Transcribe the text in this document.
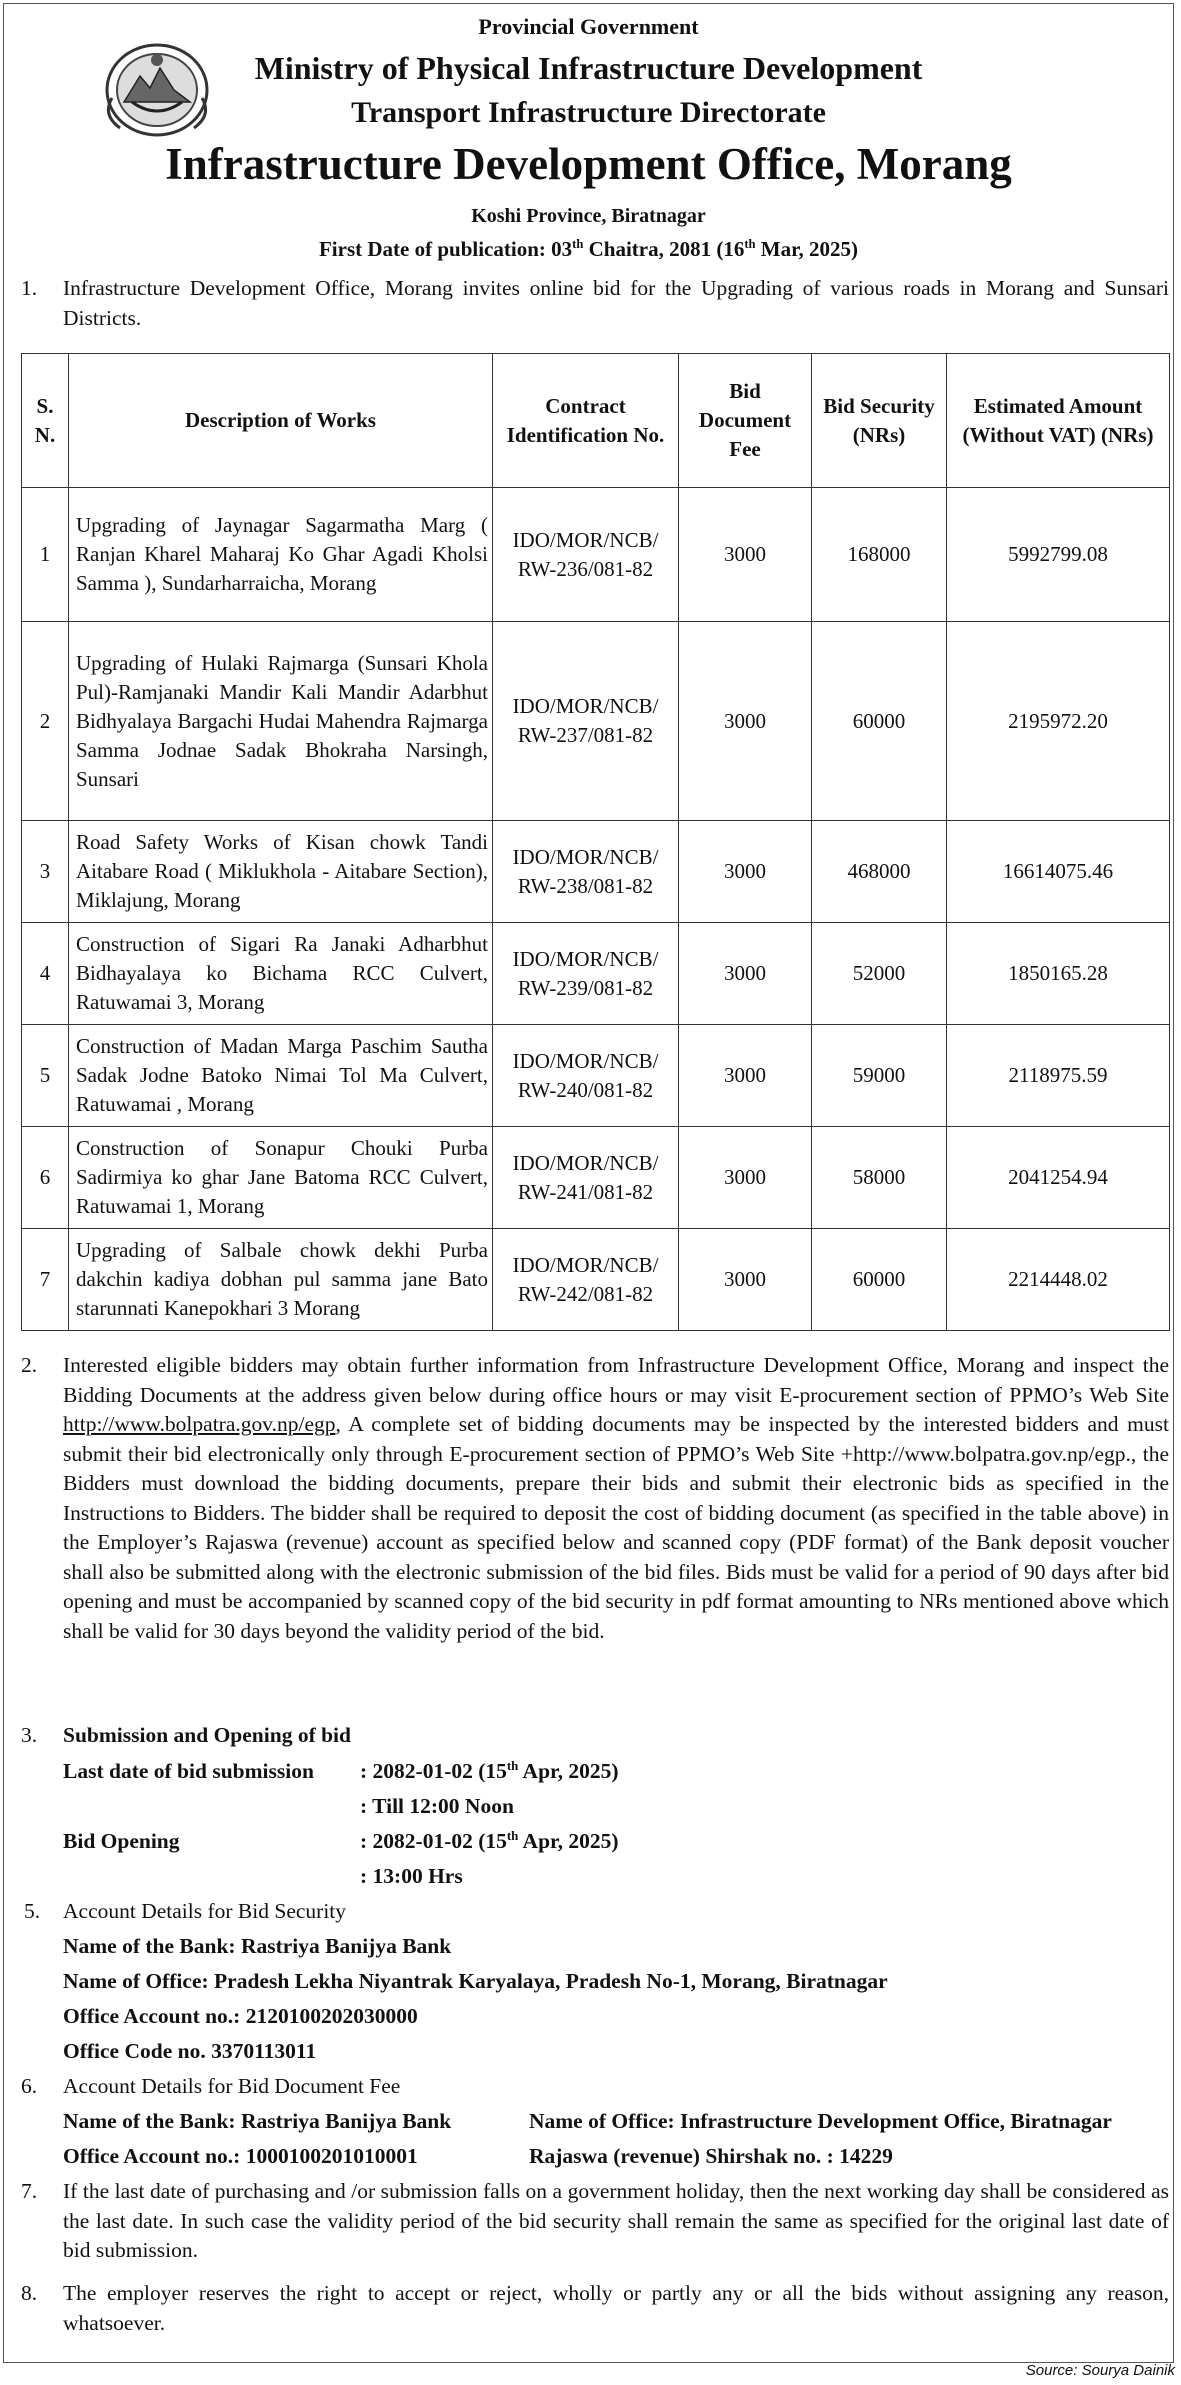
Provincial Government
Ministry of Physical Infrastructure Development
Transport Infrastructure Directorate
Infrastructure Development Office, Morang
Koshi Province, Biratnagar
First Date of publication: 03th Chaitra, 2081 (16th Mar, 2025)
1. Infrastructure Development Office, Morang invites online bid for the Upgrading of various roads in Morang and Sunsari Districts.

S. N.	Description of Works	Contract Identification No.	Bid Document Fee	Bid Security (NRs)	Estimated Amount (Without VAT) (NRs)
1	Upgrading of Jaynagar Sagarmatha Marg ( Ranjan Kharel Maharaj Ko Ghar Agadi Kholsi Samma ), Sundarharraicha, Morang	IDO/MOR/NCB/ RW-236/081-82	3000	168000	5992799.08
2	Upgrading of Hulaki Rajmarga (Sunsari Khola Pul)-Ramjanaki Mandir Kali Mandir Adarbhut Bidhyalaya Bargachi Hudai Mahendra Rajmarga Samma Jodnae Sadak Bhokraha Narsingh, Sunsari	IDO/MOR/NCB/ RW-237/081-82	3000	60000	2195972.20
3	Road Safety Works of Kisan chowk Tandi Aitabare Road ( Miklukhola - Aitabare Section), Miklajung, Morang	IDO/MOR/NCB/ RW-238/081-82	3000	468000	16614075.46
4	Construction of Sigari Ra Janaki Adharbhut Bidhayalaya ko Bichama RCC Culvert, Ratuwamai 3, Morang	IDO/MOR/NCB/ RW-239/081-82	3000	52000	1850165.28
5	Construction of Madan Marga Paschim Sautha Sadak Jodne Batoko Nimai Tol Ma Culvert, Ratuwamai , Morang	IDO/MOR/NCB/ RW-240/081-82	3000	59000	2118975.59
6	Construction of Sonapur Chouki Purba Sadirmiya ko ghar Jane Batoma RCC Culvert, Ratuwamai 1, Morang	IDO/MOR/NCB/ RW-241/081-82	3000	58000	2041254.94
7	Upgrading of Salbale chowk dekhi Purba dakchin kadiya dobhan pul samma jane Bato starunnati Kanepokhari 3 Morang	IDO/MOR/NCB/ RW-242/081-82	3000	60000	2214448.02
2. Interested eligible bidders may obtain further information from Infrastructure Development Office, Morang and inspect the Bidding Documents at the address given below during office hours or may visit E-procurement section of PPMO’s Web Site http://www.bolpatra.gov.np/egp, A complete set of bidding documents may be inspected by the interested bidders and must submit their bid electronically only through E-procurement section of PPMO’s Web Site +http://www.bolpatra.gov.np/egp., the Bidders must download the bidding documents, prepare their bids and submit their electronic bids as specified in the Instructions to Bidders. The bidder shall be required to deposit the cost of bidding document (as specified in the table above) in the Employer’s Rajaswa (revenue) account as specified below and scanned copy (PDF format) of the Bank deposit voucher shall also be submitted along with the electronic submission of the bid files. Bids must be valid for a period of 90 days after bid opening and must be accompanied by scanned copy of the bid security in pdf format amounting to NRs mentioned above which shall be valid for 30 days beyond the validity period of the bid.

3. Submission and Opening of bid
Last date of bid submission : 2082-01-02 (15th Apr, 2025)
: Till 12:00 Noon
Bid Opening	: 2082-01-02 (15th Apr, 2025)
: 13:00 Hrs
5. Account Details for Bid Security
Name of the Bank: Rastriya Banijya Bank
Name of Office: Pradesh Lekha Niyantrak Karyalaya, Pradesh No-1, Morang, Biratnagar
Office Account no.: 2120100202030000
Office Code no. 3370113011
6. Account Details for Bid Document Fee
Name of the Bank: Rastriya Banijya Bank	Name of Office: Infrastructure Development Office, Biratnagar
Office Account no.: 1000100201010001	Rajaswa (revenue) Shirshak no. : 14229
7. If the last date of purchasing and /or submission falls on a government holiday, then the next working day shall be considered as the last date. In such case the validity period of the bid security shall remain the same as specified for the original last date of bid submission.

8. The employer reserves the right to accept or reject, wholly or partly any or all the bids without assigning any reason, whatsoever.

Source: Sourya Dainik
